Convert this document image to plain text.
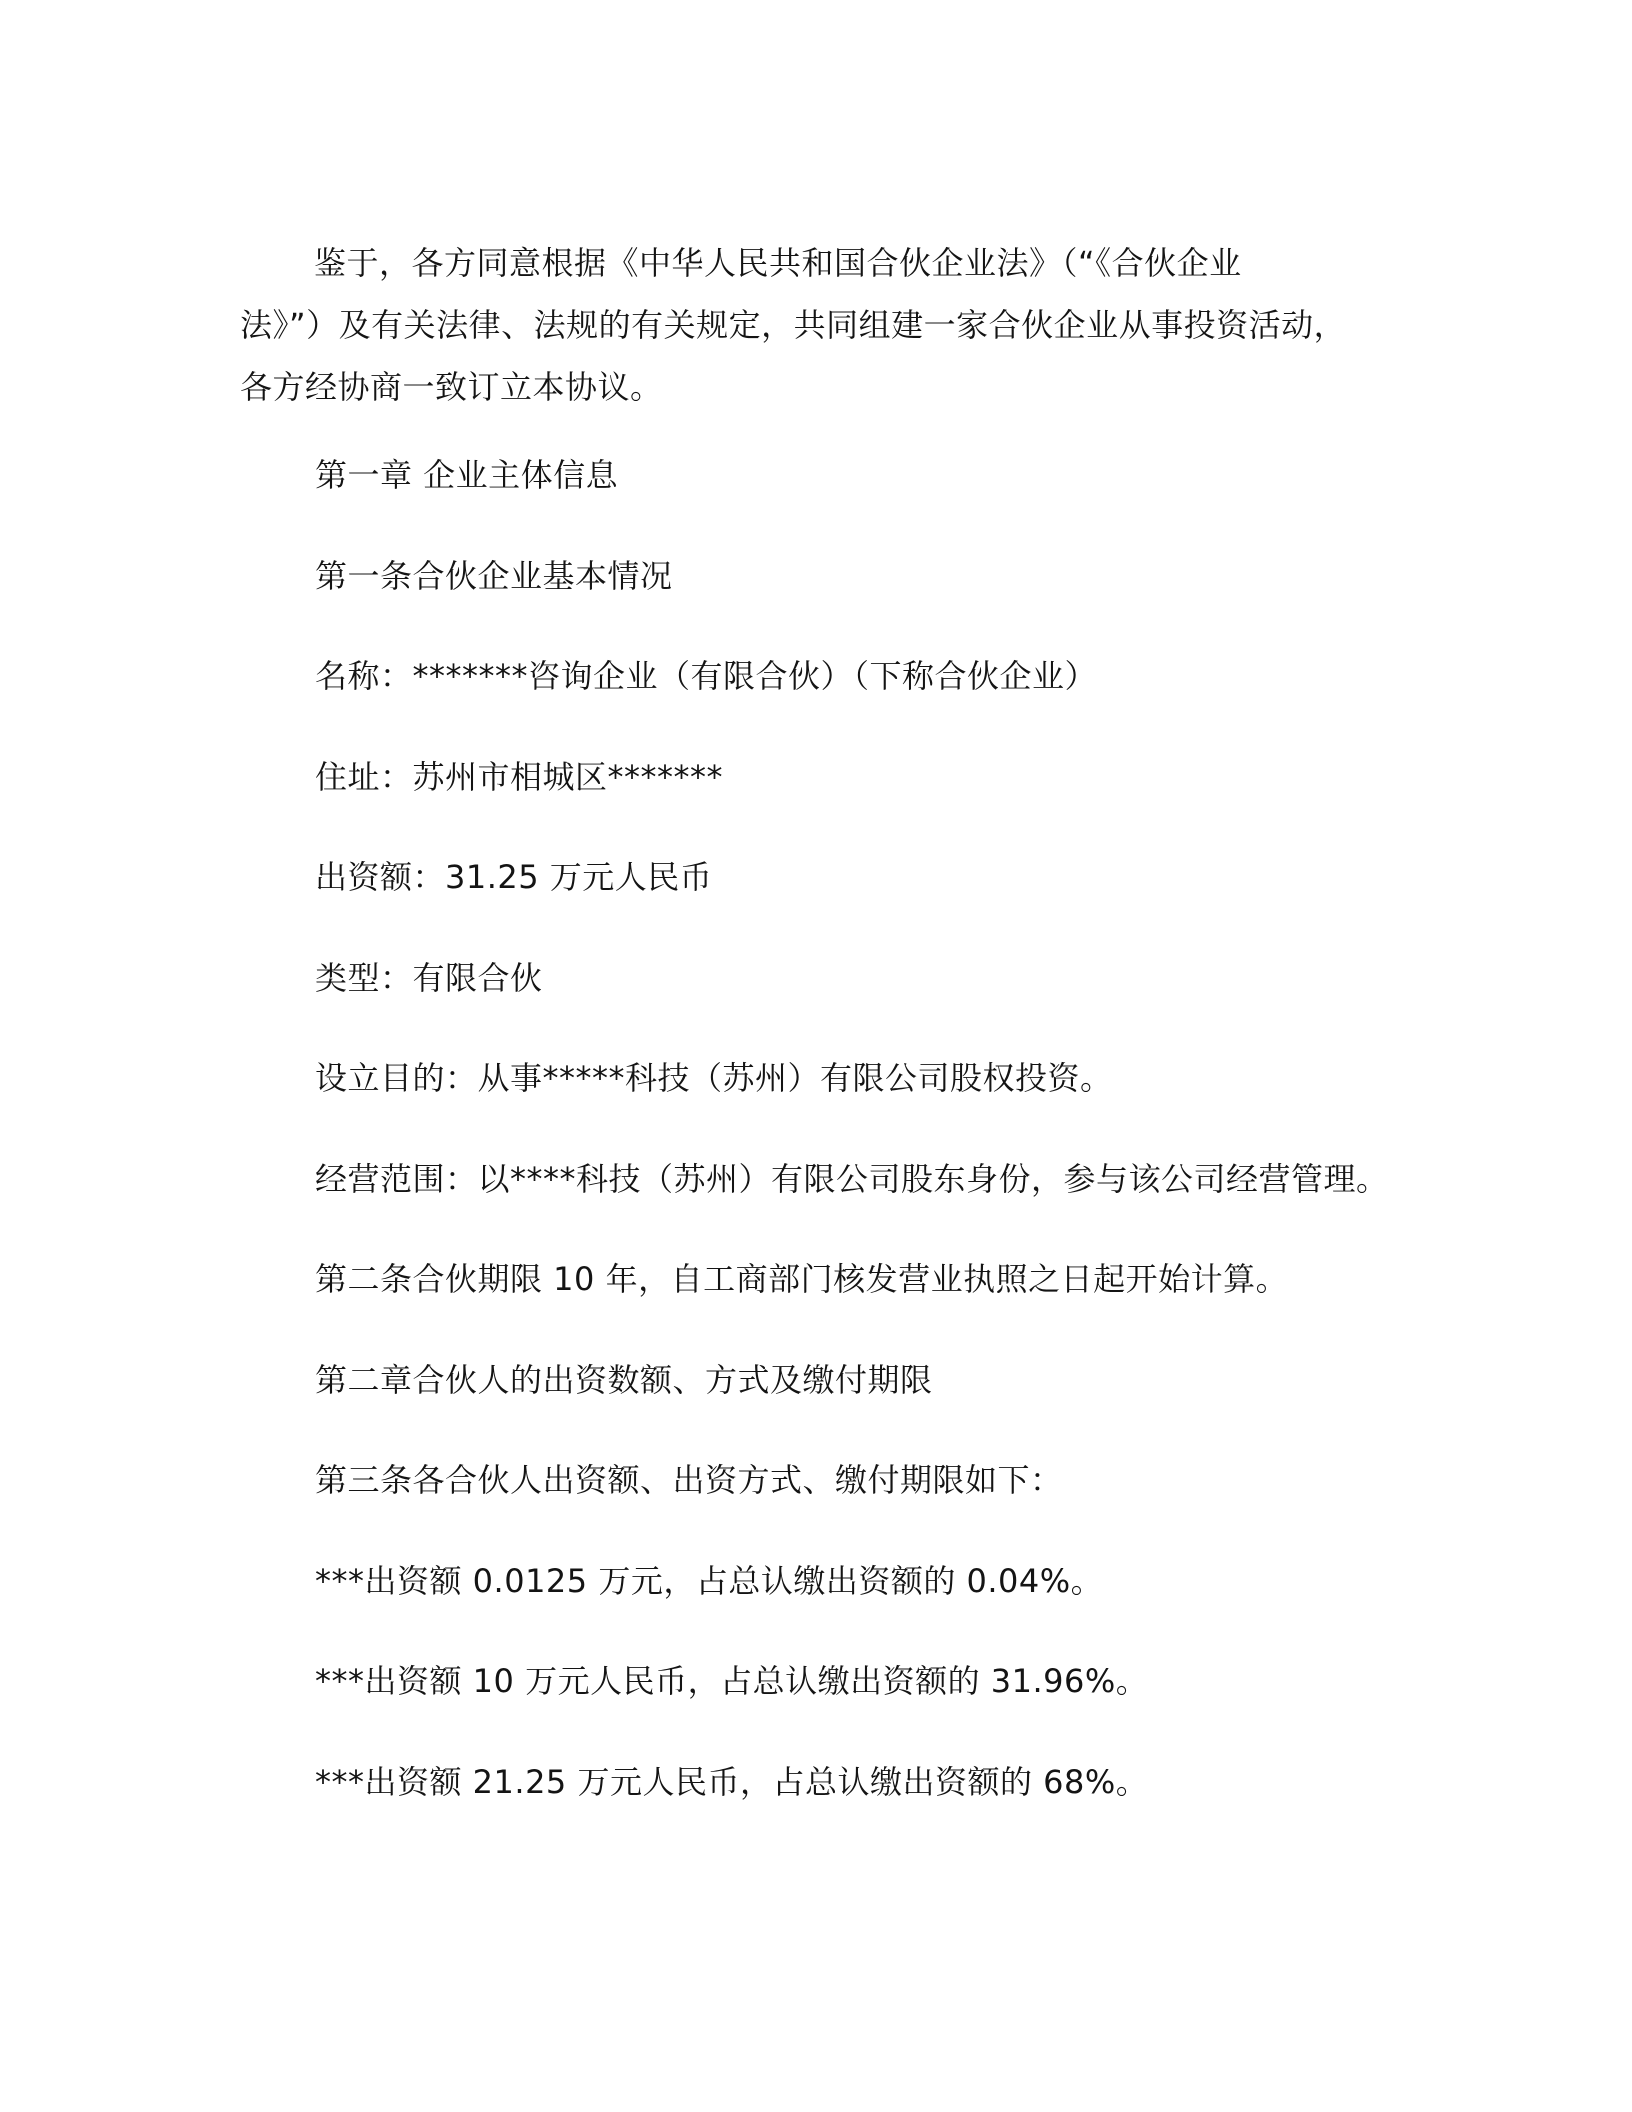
鉴于，各方同意根据《中华人民共和国合伙企业法》（“《合伙企业
法》”）及有关法律、法规的有关规定，共同组建一家合伙企业从事投资活动，
各方经协商一致订立本协议。
第一章 企业主体信息
第一条合伙企业基本情况
名称：*******咨询企业（有限合伙）（下称合伙企业）
住址：苏州市相城区*******
出资额：31.25 万元人民币
类型：有限合伙
设立目的：从事*****科技（苏州）有限公司股权投资。
经营范围：以****科技（苏州）有限公司股东身份，参与该公司经营管理。
第二条合伙期限 10 年，自工商部门核发营业执照之日起开始计算。
第二章合伙人的出资数额、方式及缴付期限
第三条各合伙人出资额、出资方式、缴付期限如下：
***出资额 0.0125 万元，占总认缴出资额的 0.04%。
***出资额 10 万元人民币，占总认缴出资额的 31.96%。
***出资额 21.25 万元人民币，占总认缴出资额的 68%。
